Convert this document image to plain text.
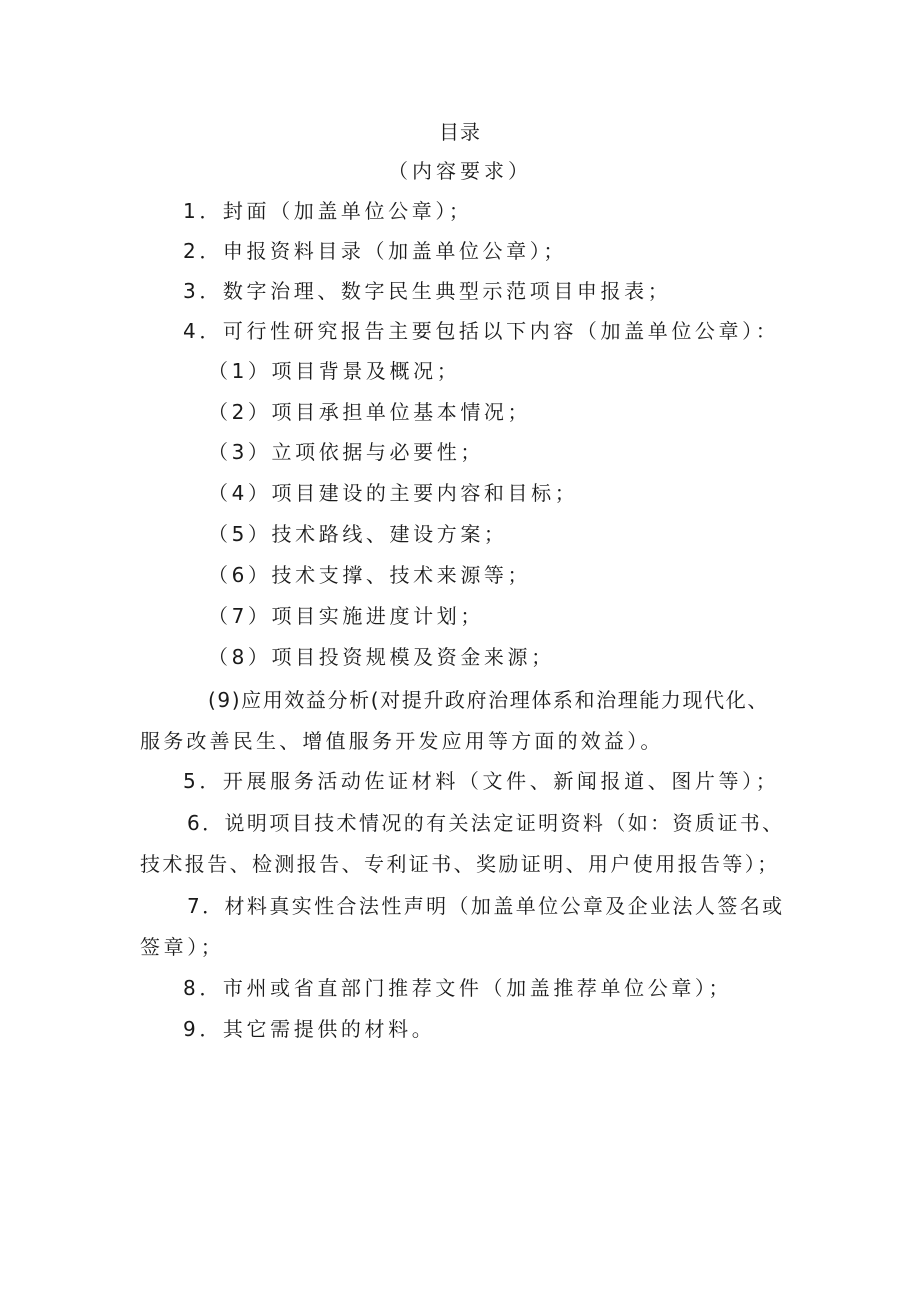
目录
（内容要求）
1．封面（加盖单位公章）；
2．申报资料目录（加盖单位公章）；
3．数字治理、数字民生典型示范项目申报表；
4．可行性研究报告主要包括以下内容（加盖单位公章）：
（1）项目背景及概况；
（2）项目承担单位基本情况；
（3）立项依据与必要性；
（4）项目建设的主要内容和目标；
（5）技术路线、建设方案；
（6）技术支撑、技术来源等；
（7）项目实施进度计划；
（8）项目投资规模及资金来源；
(9)应用效益分析(对提升政府治理体系和治理能力现代化、
服务改善民生、增值服务开发应用等方面的效益）。
5．开展服务活动佐证材料（文件、新闻报道、图片等）；
6．说明项目技术情况的有关法定证明资料（如：资质证书、
技术报告、检测报告、专利证书、奖励证明、用户使用报告等）；
7．材料真实性合法性声明（加盖单位公章及企业法人签名或
签章）；
8．市州或省直部门推荐文件（加盖推荐单位公章）；
9．其它需提供的材料。
